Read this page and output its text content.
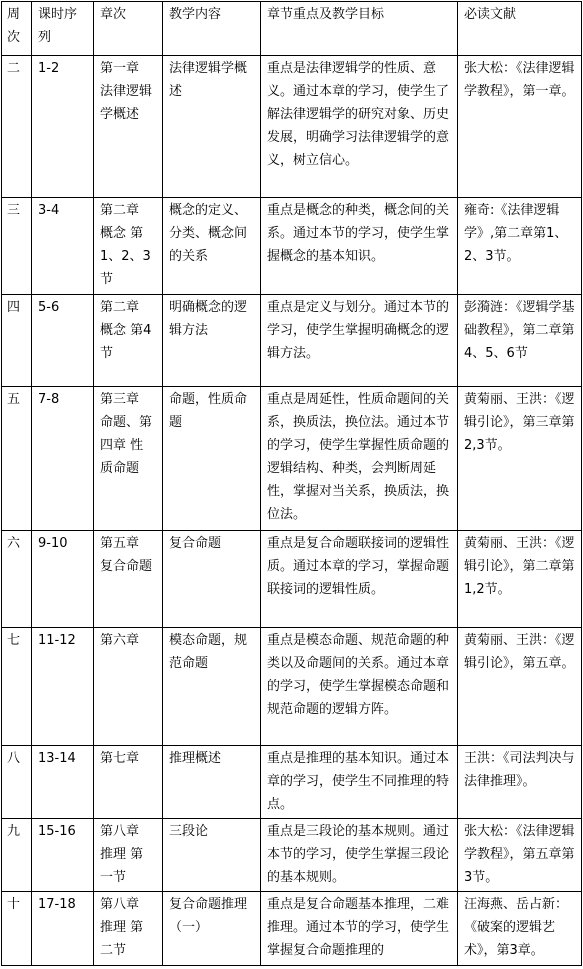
周次	课时序列	章次	教学内容	章节重点及教学目标	必读文献
二	1-2	第一章 法律逻辑学概述	法律逻辑学概述	重点是法律逻辑学的性质、意义。通过本章的学习，使学生了解法律逻辑学的研究对象、历史发展，明确学习法律逻辑学的意义，树立信心。	张大松：《法律逻辑学教程》，第一章。
三	3-4	第二章 概念 第1、2、3节	概念的定义、分类、概念间的关系	重点是概念的种类，概念间的关系。通过本节的学习，使学生掌握概念的基本知识。	雍奇:《法律逻辑学》,第二章第1、2、3节。
四	5-6	第二章 概念 第4节	明确概念的逻辑方法	重点是定义与划分。通过本节的学习，使学生掌握明确概念的逻辑方法。	彭漪涟：《逻辑学基础教程》，第二章第4、5、6节
五	7-8	第三章 命题、第四章 性质命题	命题，性质命题	重点是周延性，性质命题间的关系，换质法，换位法。通过本节的学习，使学生掌握性质命题的逻辑结构、种类，会判断周延性，掌握对当关系，换质法，换位法。	黄菊丽、王洪：《逻辑引论》，第三章第2,3节。
六	9-10	第五章 复合命题	复合命题	重点是复合命题联接词的逻辑性质。通过本章的学习，掌握命题联接词的逻辑性质。	黄菊丽、王洪：《逻辑引论》，第二章第1,2节。
七	11-12	第六章	模态命题，规范命题	重点是模态命题、规范命题的种类以及命题间的关系。通过本章的学习，使学生掌握模态命题和规范命题的逻辑方阵。	黄菊丽、王洪：《逻辑引论》，第五章。
八	13-14	第七章	推理概述	重点是推理的基本知识。通过本章的学习，使学生不同推理的特点。	王洪：《司法判决与法律推理》。
九	15-16	第八章 推理 第一节	三段论	重点是三段论的基本规则。通过本节的学习，使学生掌握三段论的基本规则。	张大松：《法律逻辑学教程》，第五章第3节。
十	17-18	第八章 推理 第二节	复合命题推理（一）	重点是复合命题基本推理，二难推理。通过本节的学习，使学生掌握复合命题推理的	汪海燕、岳占新：《破案的逻辑艺术》，第3章。
